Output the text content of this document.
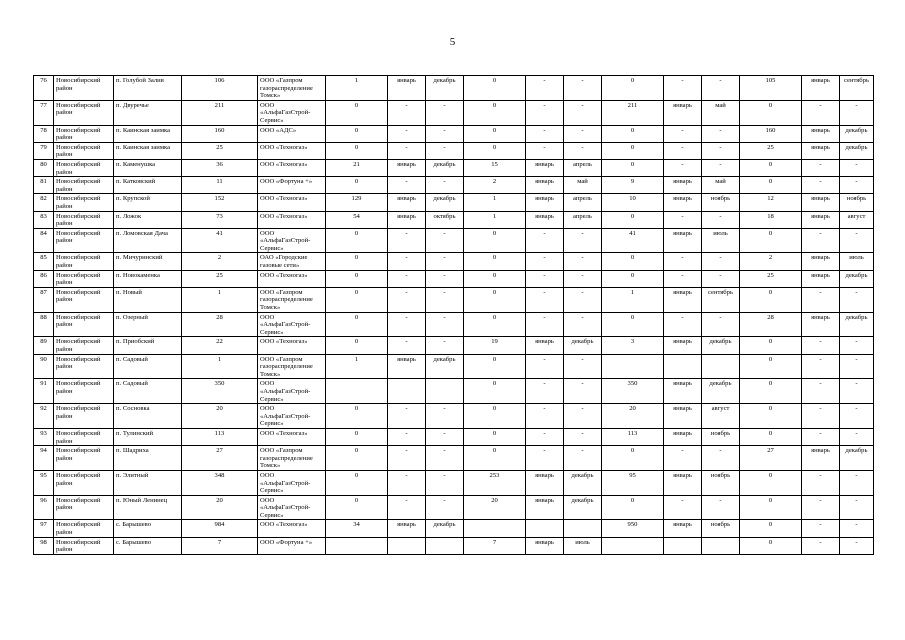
5
76	Новосибирский район	п. Голубой Залив	106	ООО «Газпром газораспределение Томск»	1	январь	декабрь	0	-	-	0	-	-	105	январь	сентябрь
77	Новосибирский район	п. Двуречье	211	ООО «АльфаГазСтрой-Сервис»	0	-	-	0	-	-	211	январь	май	0	-	-
78	Новосибирский район	п. Каинская заимка	160	ООО «АДС»	0	-	-	0	-	-	0	-	-	160	январь	декабрь
79	Новосибирский район	п. Каинская заимка	25	ООО «Техногаз»	0	-	-	0	-	-	0	-	-	25	январь	декабрь
80	Новосибирский район	п. Каменушка	36	ООО «Техногаз»	21	январь	декабрь	15	январь	апрель	0	-	-	0	-	-
81	Новосибирский район	п. Катковский	11	ООО «Фортуна +»	0	-	-	2	январь	май	9	январь	май	0	-	-
82	Новосибирский район	п. Крупской	152	ООО «Техногаз»	129	январь	декабрь	1	январь	апрель	10	январь	ноябрь	12	январь	ноябрь
83	Новосибирский район	п. Ложок	73	ООО «Техногаз»	54	январь	октябрь	1	январь	апрель	0	-	-	18	январь	август
84	Новосибирский район	п. Ломовская Дача	41	ООО «АльфаГазСтрой-Сервис»	0	-	-	0	-	-	41	январь	июль	0	-	-
85	Новосибирский район	п. Мичуринский	2	ОАО «Городские газовые сети»	0	-	-	0	-	-	0	-	-	2	январь	июль
86	Новосибирский район	п. Новокаменка	25	ООО «Техногаз»	0	-	-	0	-	-	0	-	-	25	январь	декабрь
87	Новосибирский район	п. Новый	1	ООО «Газпром газораспределение Томск»	0	-	-	0	-	-	1	январь	сентябрь	0	-	-
88	Новосибирский район	п. Озерный	28	ООО «АльфаГазСтрой-Сервис»	0	-	-	0	-	-	0	-	-	28	январь	декабрь
89	Новосибирский район	п. Приобский	22	ООО «Техногаз»	0	-	-	19	январь	декабрь	3	январь	декабрь	0	-	-
90	Новосибирский район	п. Садовый	1	ООО «Газпром газораспределение Томск»	1	январь	декабрь	0	-	-				0	-	-
91	Новосибирский район	п. Садовый	350	ООО «АльфаГазСтрой-Сервис»				0	-	-	350	январь	декабрь	0	-	-
92	Новосибирский район	п. Сосновка	20	ООО «АльфаГазСтрой-Сервис»	0	-	-	0	-	-	20	январь	август	0	-	-
93	Новосибирский район	п. Тулинский	113	ООО «Техногаз»	0	-	-	0	-	-	113	январь	ноябрь	0	-	-
94	Новосибирский район	п. Шадриха	27	ООО «Газпром газораспределение Томск»	0	-	-	0	-	-	0	-	-	27	январь	декабрь
95	Новосибирский район	п. Элитный	348	ООО «АльфаГазСтрой-Сервис»	0	-	-	253	январь	декабрь	95	январь	ноябрь	0	-	-
96	Новосибирский район	п. Юный Ленинец	20	ООО «АльфаГазСтрой-Сервис»	0	-	-	20	январь	декабрь	0	-	-	0	-	-
97	Новосибирский район	с. Барышево	984	ООО «Техногаз»	34	январь	декабрь				950	январь	ноябрь	0	-	-
98	Новосибирский район	с. Барышево	7	ООО «Фортуна +»				7	январь	июль				0	-	-
